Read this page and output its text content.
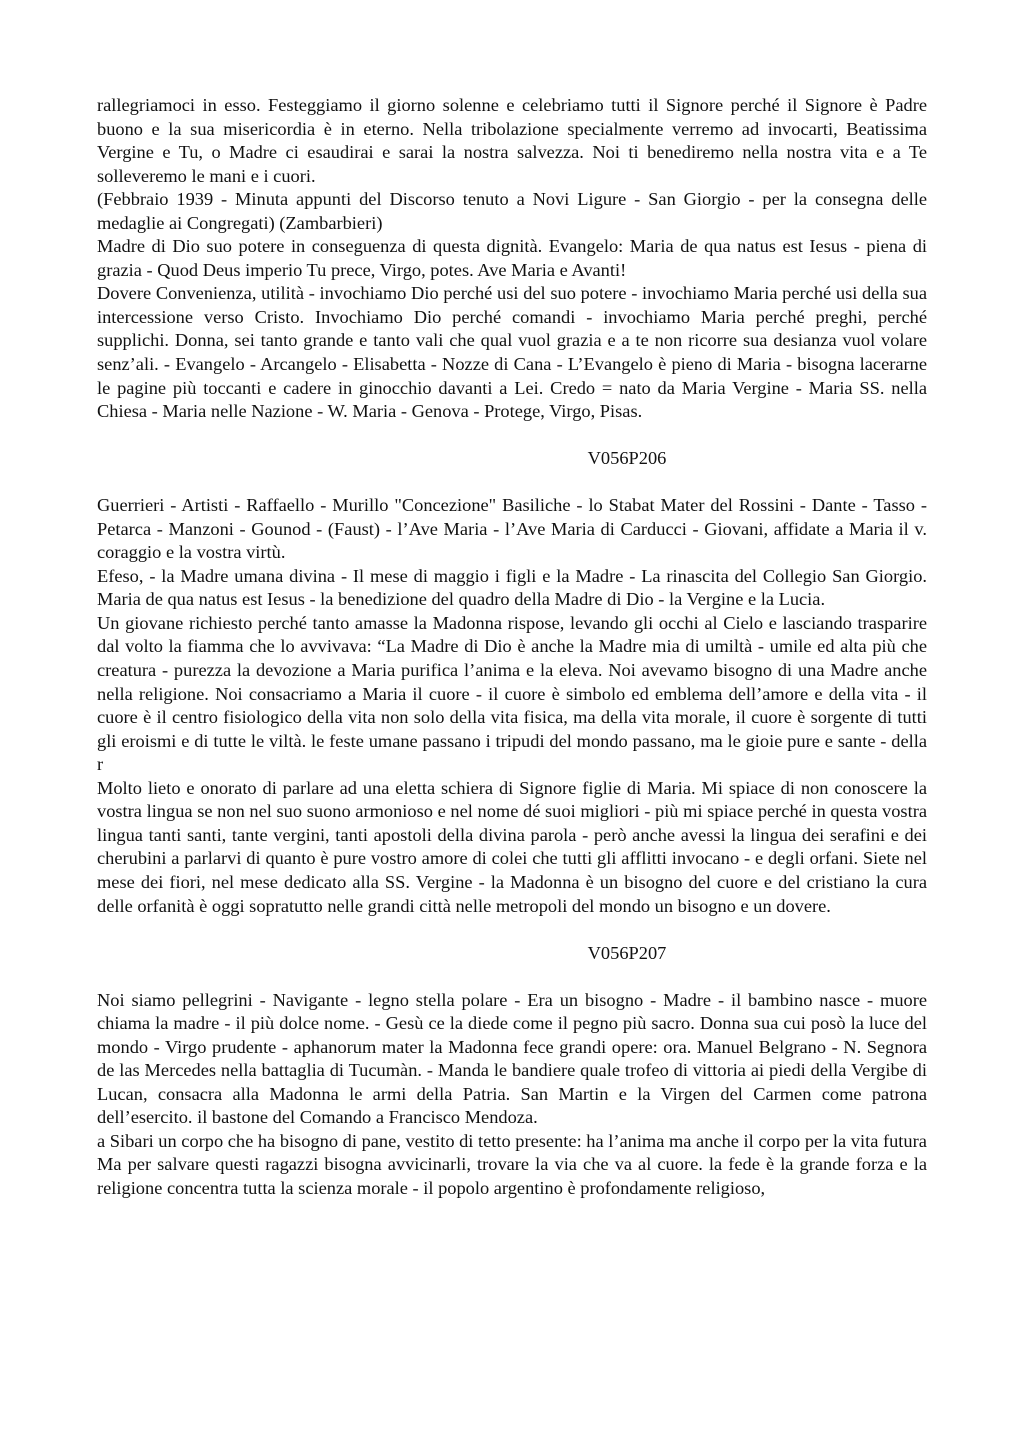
rallegriamoci in esso. Festeggiamo il giorno solenne e celebriamo tutti il Signore perché il Signore è Padre buono e la sua misericordia è in eterno. Nella tribolazione specialmente verremo ad invocarti, Beatissima Vergine e Tu, o Madre ci esaudirai e sarai la nostra salvezza. Noi ti benediremo nella nostra vita e a Te solleveremo le mani e i cuori.

(Febbraio 1939 - Minuta appunti del Discorso tenuto a Novi Ligure - San Giorgio - per la consegna delle medaglie ai Congregati) (Zambarbieri)

Madre di Dio suo potere in conseguenza di questa dignità. Evangelo: Maria de qua natus est Iesus - piena di grazia - Quod Deus imperio Tu prece, Virgo, potes. Ave Maria e Avanti!

Dovere Convenienza, utilità - invochiamo Dio perché usi del suo potere - invochiamo Maria perché usi della sua intercessione verso Cristo. Invochiamo Dio perché comandi - invochiamo Maria perché preghi, perché supplichi. Donna, sei tanto grande e tanto vali che qual vuol grazia e a te non ricorre sua desianza vuol volare senz’ali. - Evangelo - Arcangelo - Elisabetta - Nozze di Cana - L’Evangelo è pieno di Maria - bisogna lacerarne le pagine più toccanti e cadere in ginocchio davanti a Lei. Credo = nato da Maria Vergine - Maria SS. nella Chiesa - Maria nelle Nazione - W. Maria - Genova - Protege, Virgo, Pisas.

V056P206

Guerrieri - Artisti - Raffaello - Murillo "Concezione" Basiliche - lo Stabat Mater del Rossini - Dante - Tasso - Petarca - Manzoni - Gounod - (Faust) - l’Ave Maria - l’Ave Maria di Carducci - Giovani, affidate a Maria il v. coraggio e la vostra virtù.

Efeso, - la Madre umana divina - Il mese di maggio i figli e la Madre - La rinascita del Collegio San Giorgio. Maria de qua natus est Iesus - la benedizione del quadro della Madre di Dio - la Vergine e la Lucia.

Un giovane richiesto perché tanto amasse la Madonna rispose, levando gli occhi al Cielo e lasciando trasparire dal volto la fiamma che lo avvivava: “La Madre di Dio è anche la Madre mia di umiltà - umile ed alta più che creatura - purezza la devozione a Maria purifica l’anima e la eleva. Noi avevamo bisogno di una Madre anche nella religione. Noi consacriamo a Maria il cuore - il cuore è simbolo ed emblema dell’amore e della vita - il cuore è il centro fisiologico della vita non solo della vita fisica, ma della vita morale, il cuore è sorgente di tutti gli eroismi e di tutte le viltà. le feste umane passano i tripudi del mondo passano, ma le gioie pure e sante - della r

Molto lieto e onorato di parlare ad una eletta schiera di Signore figlie di Maria. Mi spiace di non conoscere la vostra lingua se non nel suo suono armonioso e nel nome dé suoi migliori - più mi spiace perché in questa vostra lingua tanti santi, tante vergini, tanti apostoli della divina parola - però anche avessi la lingua dei serafini e dei cherubini a parlarvi di quanto è pure vostro amore di colei che tutti gli afflitti invocano - e degli orfani. Siete nel mese dei fiori, nel mese dedicato alla SS. Vergine - la Madonna è un bisogno del cuore e del cristiano la cura delle orfanità è oggi sopratutto nelle grandi città nelle metropoli del mondo un bisogno e un dovere.

V056P207

Noi siamo pellegrini - Navigante - legno stella polare - Era un bisogno - Madre - il bambino nasce - muore chiama la madre - il più dolce nome. - Gesù ce la diede come il pegno più sacro. Donna sua cui posò la luce del mondo - Virgo prudente - aphanorum mater la Madonna fece grandi opere: ora. Manuel Belgrano - N. Segnora de las Mercedes nella battaglia di Tucumàn. - Manda le bandiere quale trofeo di vittoria ai piedi della Vergibe di Lucan, consacra alla Madonna le armi della Patria. San Martin e la Virgen del Carmen come patrona dell’esercito. il bastone del Comando a Francisco Mendoza.

a Sibari un corpo che ha bisogno di pane, vestito di tetto presente: ha l’anima ma anche il corpo per la vita futura

Ma per salvare questi ragazzi bisogna avvicinarli, trovare la via che va al cuore. la fede è la grande forza e la religione concentra tutta la scienza morale - il popolo argentino è profondamente religioso,
